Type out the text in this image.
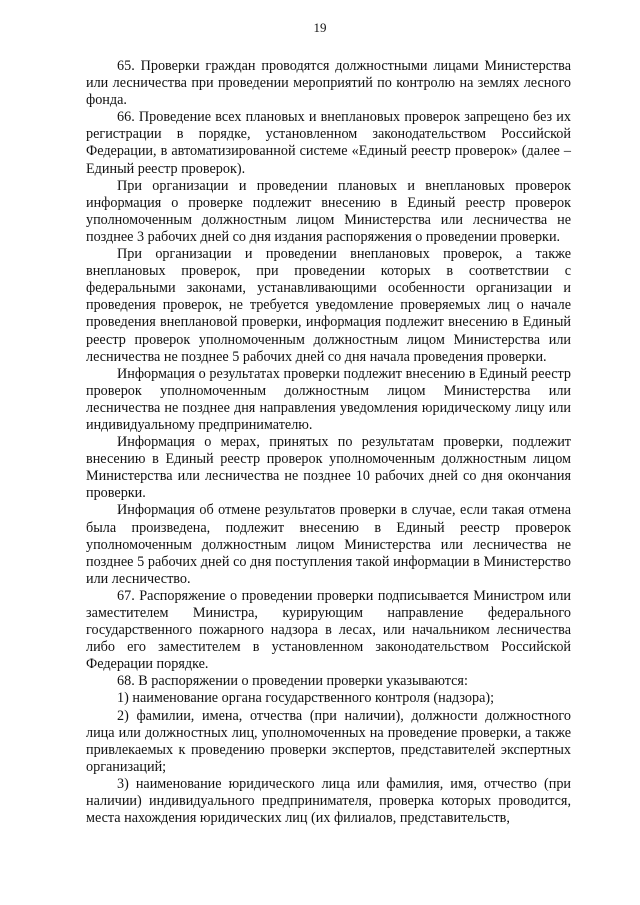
19

65. Проверки граждан проводятся должностными лицами Министерства или лесничества при проведении мероприятий по контролю на землях лесного фонда.

66. Проведение всех плановых и внеплановых проверок запрещено без их регистрации в порядке, установленном законодательством Российской Федерации, в автоматизированной системе «Единый реестр проверок» (далее – Единый реестр проверок).

При организации и проведении плановых и внеплановых проверок информация о проверке подлежит внесению в Единый реестр проверок уполномоченным должностным лицом Министерства или лесничества не позднее 3 рабочих дней со дня издания распоряжения о проведении проверки.

При организации и проведении внеплановых проверок, а также внеплановых проверок, при проведении которых в соответствии с федеральными законами, устанавливающими особенности организации и проведения проверок, не требуется уведомление проверяемых лиц о начале проведения внеплановой проверки, информация подлежит внесению в Единый реестр проверок уполномоченным должностным лицом Министерства или лесничества не позднее 5 рабочих дней со дня начала проведения проверки.

Информация о результатах проверки подлежит внесению в Единый реестр проверок уполномоченным должностным лицом Министерства или лесничества не позднее дня направления уведомления юридическому лицу или индивидуальному предпринимателю.

Информация о мерах, принятых по результатам проверки, подлежит внесению в Единый реестр проверок уполномоченным должностным лицом Министерства или лесничества не позднее 10 рабочих дней со дня окончания проверки.

Информация об отмене результатов проверки в случае, если такая отмена была произведена, подлежит внесению в Единый реестр проверок уполномоченным должностным лицом Министерства или лесничества не позднее 5 рабочих дней со дня поступления такой информации в Министерство или лесничество.

67. Распоряжение о проведении проверки подписывается Министром или заместителем Министра, курирующим направление федерального государственного пожарного надзора в лесах, или начальником лесничества либо его заместителем в установленном законодательством Российской Федерации порядке.

68. В распоряжении о проведении проверки указываются:

1) наименование органа государственного контроля (надзора);

2) фамилии, имена, отчества (при наличии), должности должностного лица или должностных лиц, уполномоченных на проведение проверки, а также привлекаемых к проведению проверки экспертов, представителей экспертных организаций;

3) наименование юридического лица или фамилия, имя, отчество (при наличии) индивидуального предпринимателя, проверка которых проводится, места нахождения юридических лиц (их филиалов, представительств,
